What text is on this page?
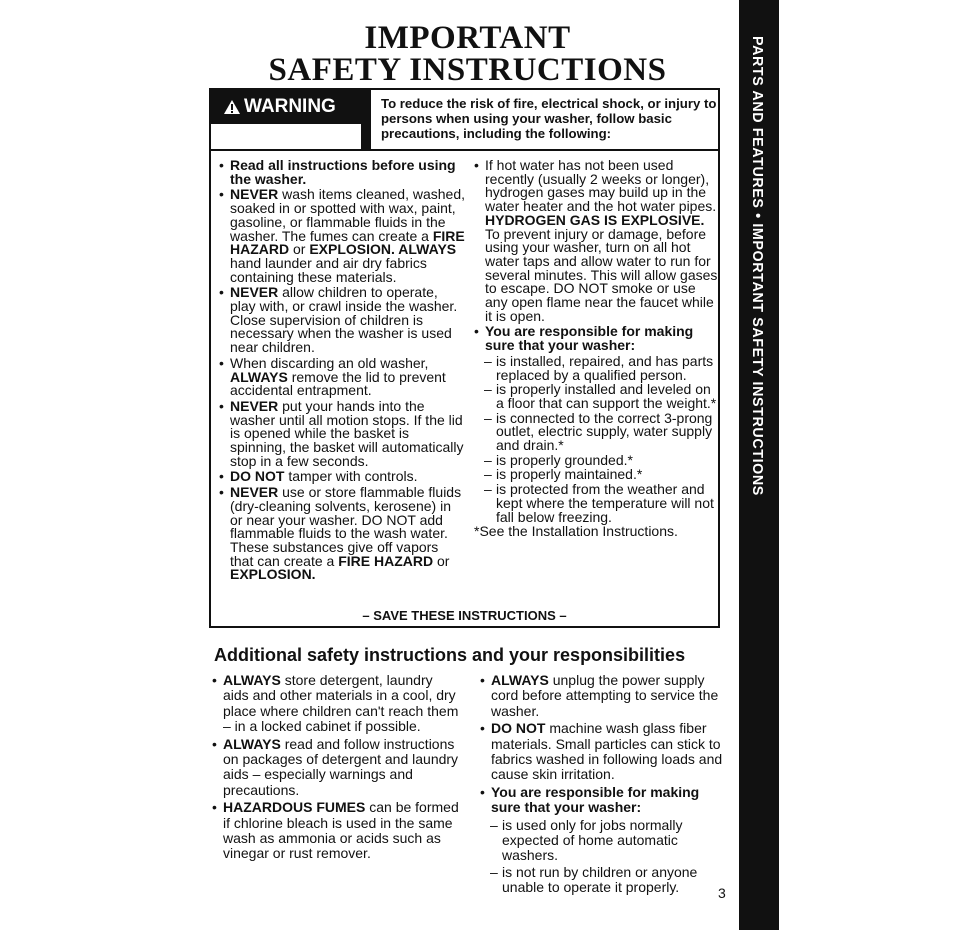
IMPORTANT
SAFETY INSTRUCTIONS
WARNING	To reduce the risk of fire, electrical shock, or injury to persons when using your washer, follow basic precautions, including the following:
• Read all instructions before using the washer.
• NEVER wash items cleaned, washed, soaked in or spotted with wax, paint, gasoline, or flammable fluids in the washer. The fumes can create a FIRE HAZARD or EXPLOSION. ALWAYS hand launder and air dry fabrics containing these materials.
• NEVER allow children to operate, play with, or crawl inside the washer. Close supervision of children is necessary when the washer is used near children.
• When discarding an old washer, ALWAYS remove the lid to prevent accidental entrapment.
• NEVER put your hands into the washer until all motion stops. If the lid is opened while the basket is spinning, the basket will automatically stop in a few seconds.
• DO NOT tamper with controls.
• NEVER use or store flammable fluids (dry-cleaning solvents, kerosene) in or near your washer. DO NOT add flammable fluids to the wash water. These substances give off vapors that can create a FIRE HAZARD or EXPLOSION.
• If hot water has not been used recently (usually 2 weeks or longer), hydrogen gases may build up in the water heater and the hot water pipes. HYDROGEN GAS IS EXPLOSIVE. To prevent injury or damage, before using your washer, turn on all hot water taps and allow water to run for several minutes. This will allow gases to escape. DO NOT smoke or use any open flame near the faucet while it is open.
• You are responsible for making sure that your washer:
– is installed, repaired, and has parts replaced by a qualified person.
– is properly installed and leveled on a floor that can support the weight.*
– is connected to the correct 3-prong outlet, electric supply, water supply and drain.*
– is properly grounded.*
– is properly maintained.*
– is protected from the weather and kept where the temperature will not fall below freezing.
*See the Installation Instructions.
– SAVE THESE INSTRUCTIONS –
Additional safety instructions and your responsibilities
• ALWAYS store detergent, laundry aids and other materials in a cool, dry place where children can't reach them – in a locked cabinet if possible.
• ALWAYS read and follow instructions on packages of detergent and laundry aids – especially warnings and precautions.
• HAZARDOUS FUMES can be formed if chlorine bleach is used in the same wash as ammonia or acids such as vinegar or rust remover.
• ALWAYS unplug the power supply cord before attempting to service the washer.
• DO NOT machine wash glass fiber materials. Small particles can stick to fabrics washed in following loads and cause skin irritation.
• You are responsible for making sure that your washer:
– is used only for jobs normally expected of home automatic washers.
– is not run by children or anyone unable to operate it properly.	3
PARTS AND FEATURES • IMPORTANT SAFETY INSTRUCTIONS
